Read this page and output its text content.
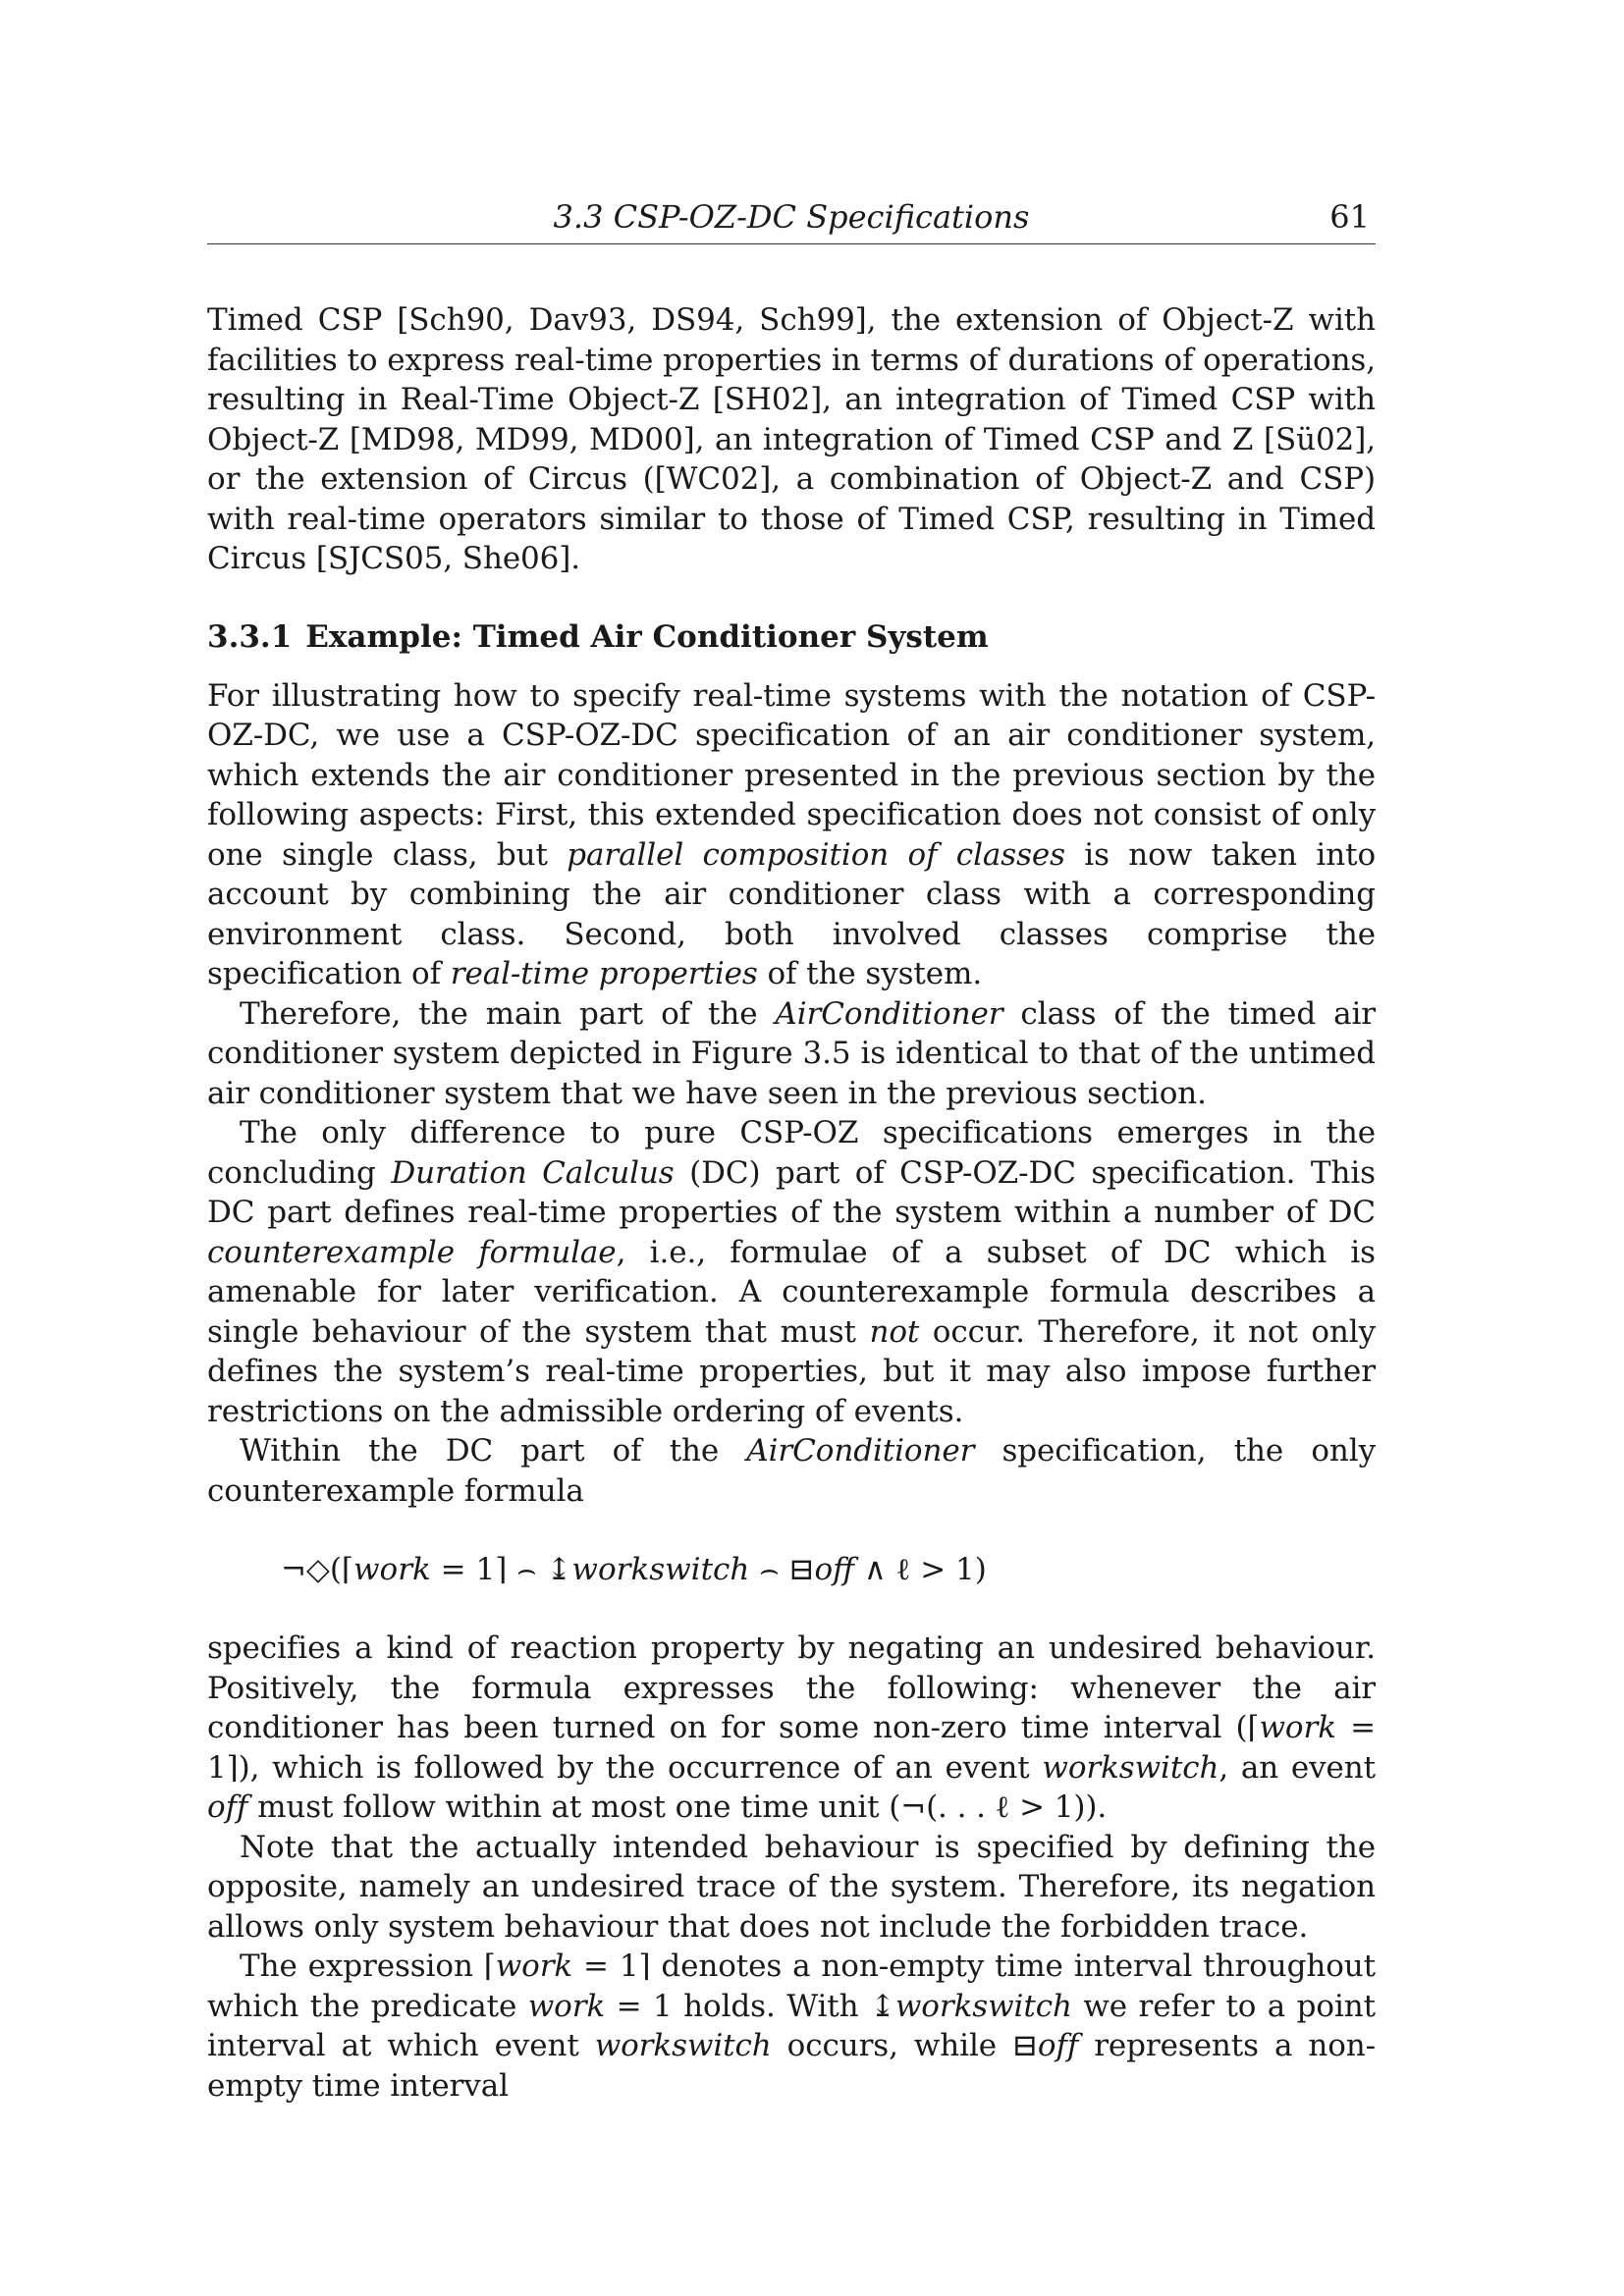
3.3 CSP-OZ-DC Specifications	61

Timed CSP [Sch90, Dav93, DS94, Sch99], the extension of Object-Z with facilities to express real-time properties in terms of durations of operations, resulting in Real-Time Object-Z [SH02], an integration of Timed CSP with Object-Z [MD98, MD99, MD00], an integration of Timed CSP and Z [Sü02], or the extension of Circus ([WC02], a combination of Object-Z and CSP) with real-time operators similar to those of Timed CSP, resulting in Timed Circus [SJCS05, She06].

3.3.1 Example: Timed Air Conditioner System

For illustrating how to specify real-time systems with the notation of CSP-OZ-DC, we use a CSP-OZ-DC specification of an air conditioner system, which extends the air conditioner presented in the previous section by the following aspects: First, this extended specification does not consist of only one single class, but parallel composition of classes is now taken into account by combining the air conditioner class with a corresponding environment class. Second, both involved classes comprise the specification of real-time properties of the system.

Therefore, the main part of the AirConditioner class of the timed air conditioner system depicted in Figure 3.5 is identical to that of the untimed air conditioner system that we have seen in the previous section.

The only difference to pure CSP-OZ specifications emerges in the concluding Duration Calculus (DC) part of CSP-OZ-DC specification. This DC part defines real-time properties of the system within a number of DC counterexample formulae, i.e., formulae of a subset of DC which is amenable for later verification. A counterexample formula describes a single behaviour of the system that must not occur. Therefore, it not only defines the system’s real-time properties, but it may also impose further restrictions on the admissible ordering of events.

Within the DC part of the AirConditioner specification, the only counterexample formula

¬◇(⌈work = 1⌉ ⌢ ↨workswitch ⌢ ⊟off ∧ ℓ > 1)

specifies a kind of reaction property by negating an undesired behaviour. Positively, the formula expresses the following: whenever the air conditioner has been turned on for some non-zero time interval (⌈work = 1⌉), which is followed by the occurrence of an event workswitch, an event off must follow within at most one time unit (¬(. . . ℓ > 1)).

Note that the actually intended behaviour is specified by defining the opposite, namely an undesired trace of the system. Therefore, its negation allows only system behaviour that does not include the forbidden trace.

The expression ⌈work = 1⌉ denotes a non-empty time interval throughout which the predicate work = 1 holds. With ↨workswitch we refer to a point interval at which event workswitch occurs, while ⊟off represents a non-empty time interval
